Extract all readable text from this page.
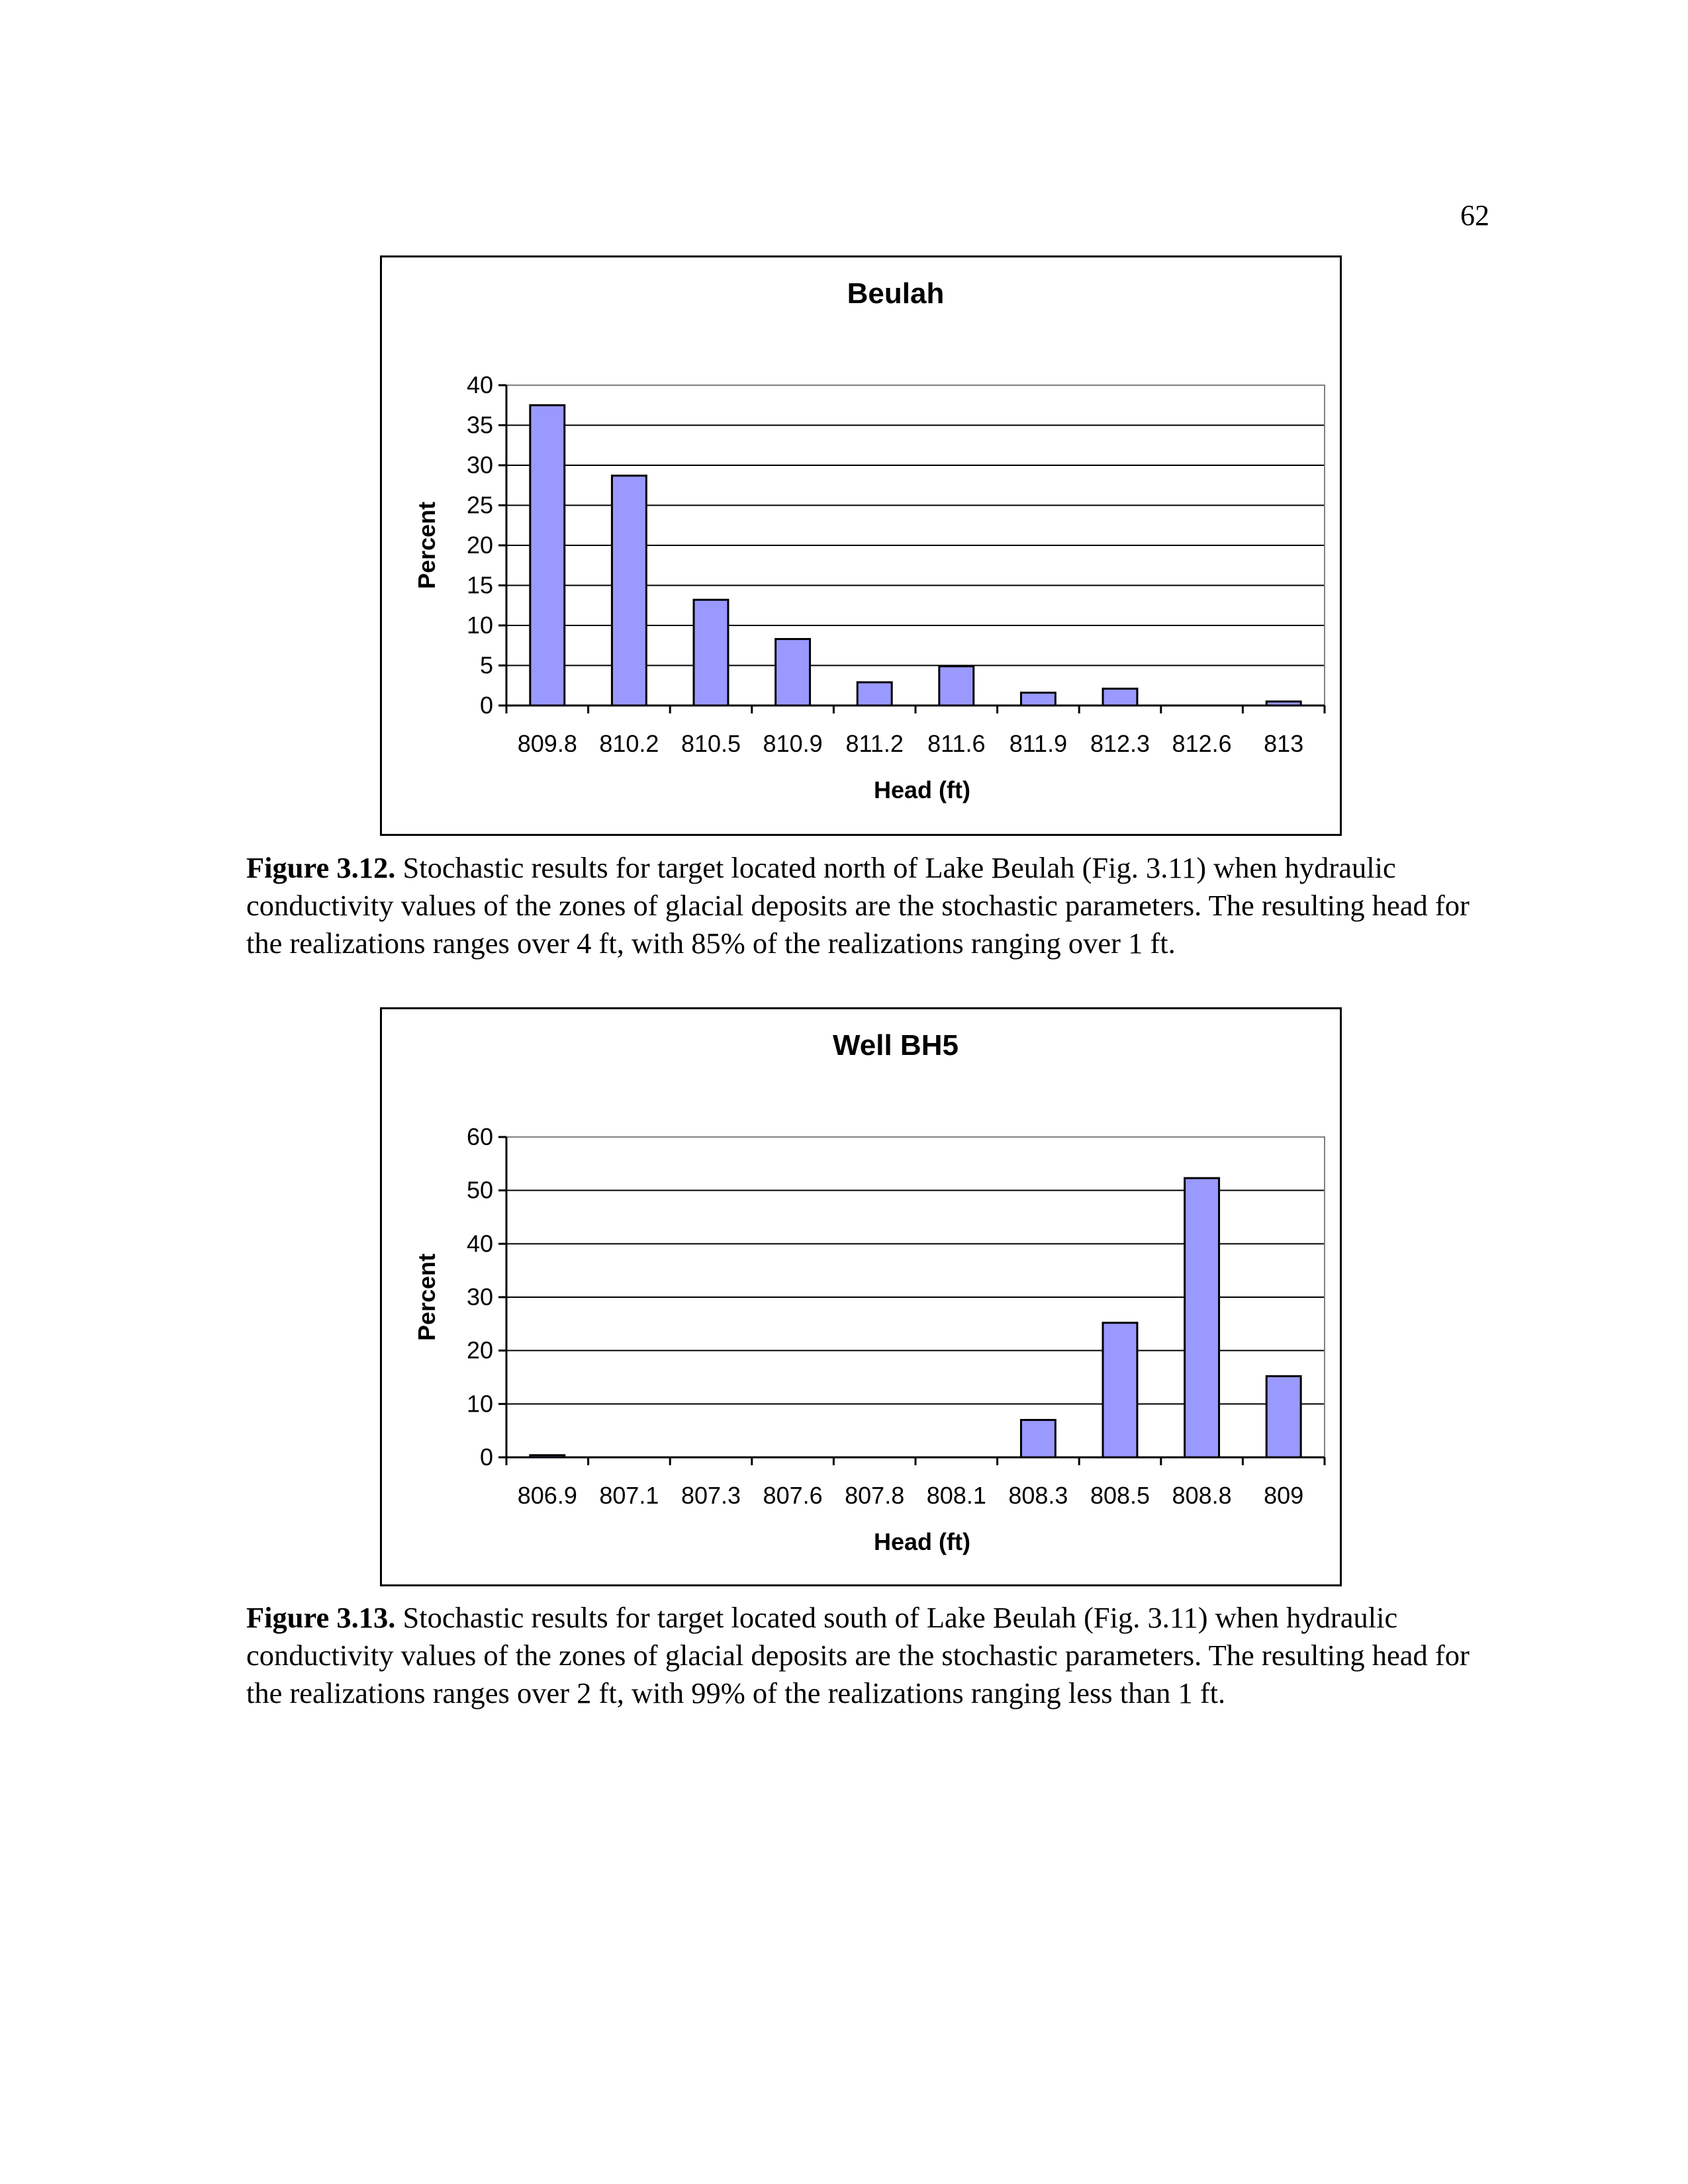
62
Beulah
0
5
10
15
20
25
30
35
40
809.8 810.2 810.5 810.9 811.2 811.6 811.9 812.3 812.6 813
Head (ft)
Percent
Figure 3.12. Stochastic results for target located north of Lake Beulah (Fig. 3.11) when hydraulic conductivity values of the zones of glacial deposits are the stochastic parameters. The resulting head for the realizations ranges over 4 ft, with 85% of the realizations ranging over 1 ft.
Well BH5
0
10
20
30
40
50
60
806.9 807.1 807.3 807.6 807.8 808.1 808.3 808.5 808.8 809
Head (ft)
Percent
Figure 3.13. Stochastic results for target located south of Lake Beulah (Fig. 3.11) when hydraulic conductivity values of the zones of glacial deposits are the stochastic parameters. The resulting head for the realizations ranges over 2 ft, with 99% of the realizations ranging less than 1 ft.
